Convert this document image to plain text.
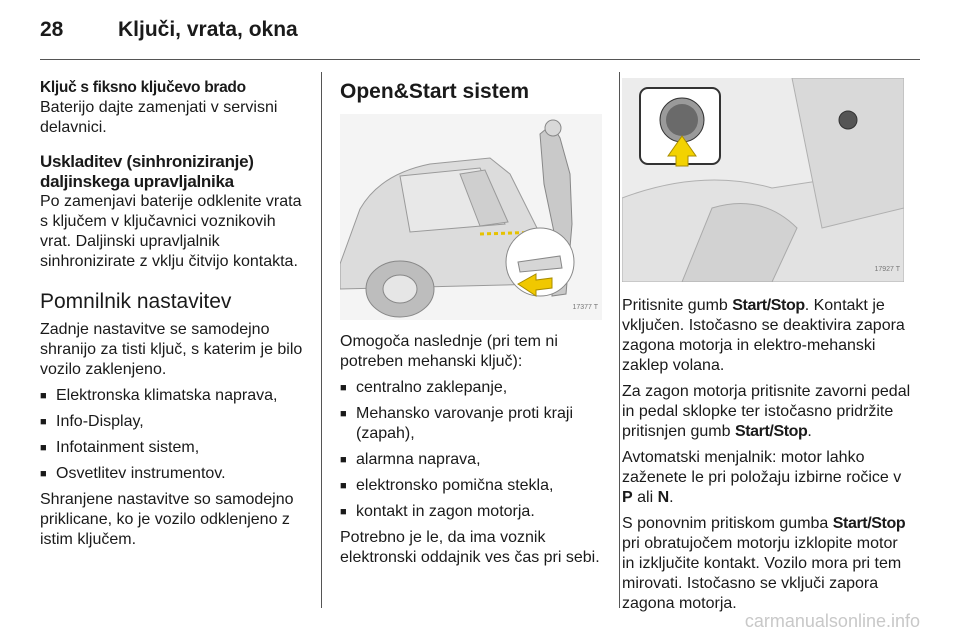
28	Ključi, vrata, okna
Ključ s fiksno ključevo brado

Baterijo dajte zamenjati v servisni delavnici.

Uskladitev (sinhroniziranje) daljinskega upravljalnika

Po zamenjavi baterije odklenite vrata s ključem v ključavnici voznikovih vrat. Daljinski upravljalnik sinhronizirate z vklju čitvijo kontakta.

Pomnilnik nastavitev

Zadnje nastavitve se samodejno shranijo za tisti ključ, s katerim je bilo vozilo zaklenjeno.

■ Elektronska klimatska naprava,
■ Info-Display,
■ Infotainment sistem,
■ Osvetlitev instrumentov.

Shranjene nastavitve so samodejno priklicane, ko je vozilo odklenjeno z istim ključem.

Open&Start sistem
17377 T

Omogoča naslednje (pri tem ni potreben mehanski ključ):

■ centralno zaklepanje,
■ Mehansko varovanje proti kraji (zapah),
■ alarmna naprava,
■ elektronsko pomična stekla,
■ kontakt in zagon motorja.

Potrebno je le, da ima voznik elektronski oddajnik ves čas pri sebi.

17927 T

Pritisnite gumb Start/Stop. Kontakt je vključen. Istočasno se deaktivira zapora zagona motorja in elektro-mehanski zaklep volana.

Za zagon motorja pritisnite zavorni pedal in pedal sklopke ter istočasno pridržite pritisnjen gumb Start/Stop.

Avtomatski menjalnik: motor lahko zaženete le pri položaju izbirne ročice v P ali N.

S ponovnim pritiskom gumba Start/Stop pri obratujočem motorju izklopite motor in izključite kontakt. Vozilo mora pri tem mirovati. Istočasno se vključi zapora zagona motorja.

carmanualsonline.info
